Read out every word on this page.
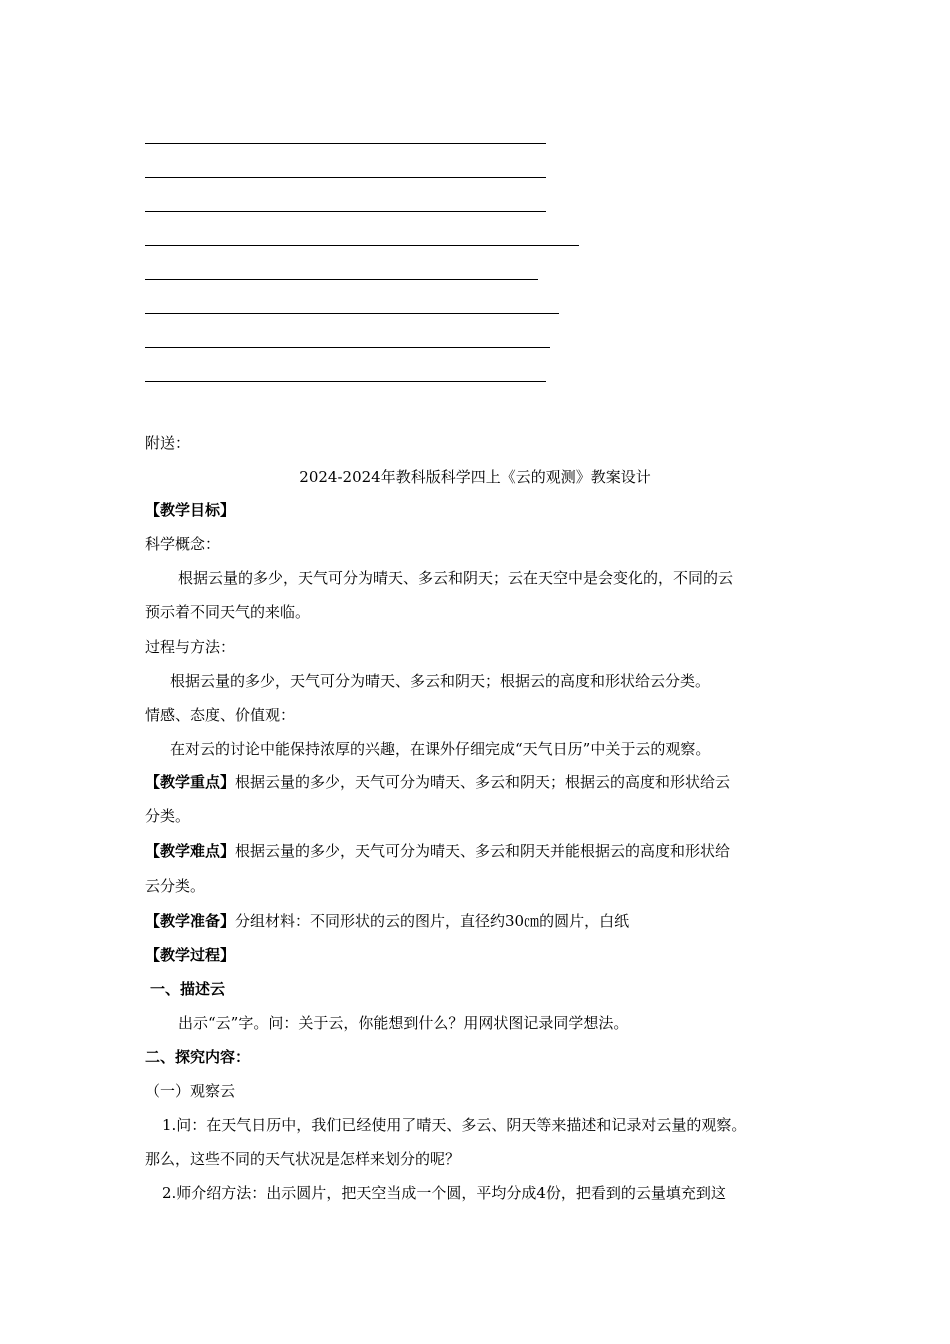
附送：
2024-2024年教科版科学四上《云的观测》教案设计
【教学目标】
科学概念：
根据云量的多少，天气可分为晴天、多云和阴天；云在天空中是会变化的，不同的云
预示着不同天气的来临。
过程与方法：
根据云量的多少，天气可分为晴天、多云和阴天；根据云的高度和形状给云分类。
情感、态度、价值观：
在对云的讨论中能保持浓厚的兴趣，在课外仔细完成“天气日历”中关于云的观察。
【教学重点】根据云量的多少，天气可分为晴天、多云和阴天；根据云的高度和形状给云
分类。
【教学难点】根据云量的多少，天气可分为晴天、多云和阴天并能根据云的高度和形状给
云分类。
【教学准备】分组材料：不同形状的云的图片，直径约30㎝的圆片，白纸
【教学过程】
一、描述云
出示“云”字。问：关于云，你能想到什么？用网状图记录同学想法。
二、探究内容：
（一）观察云
1.问：在天气日历中，我们已经使用了晴天、多云、阴天等来描述和记录对云量的观察。
那么，这些不同的天气状况是怎样来划分的呢？
2.师介绍方法：出示圆片，把天空当成一个圆，平均分成4份，把看到的云量填充到这
